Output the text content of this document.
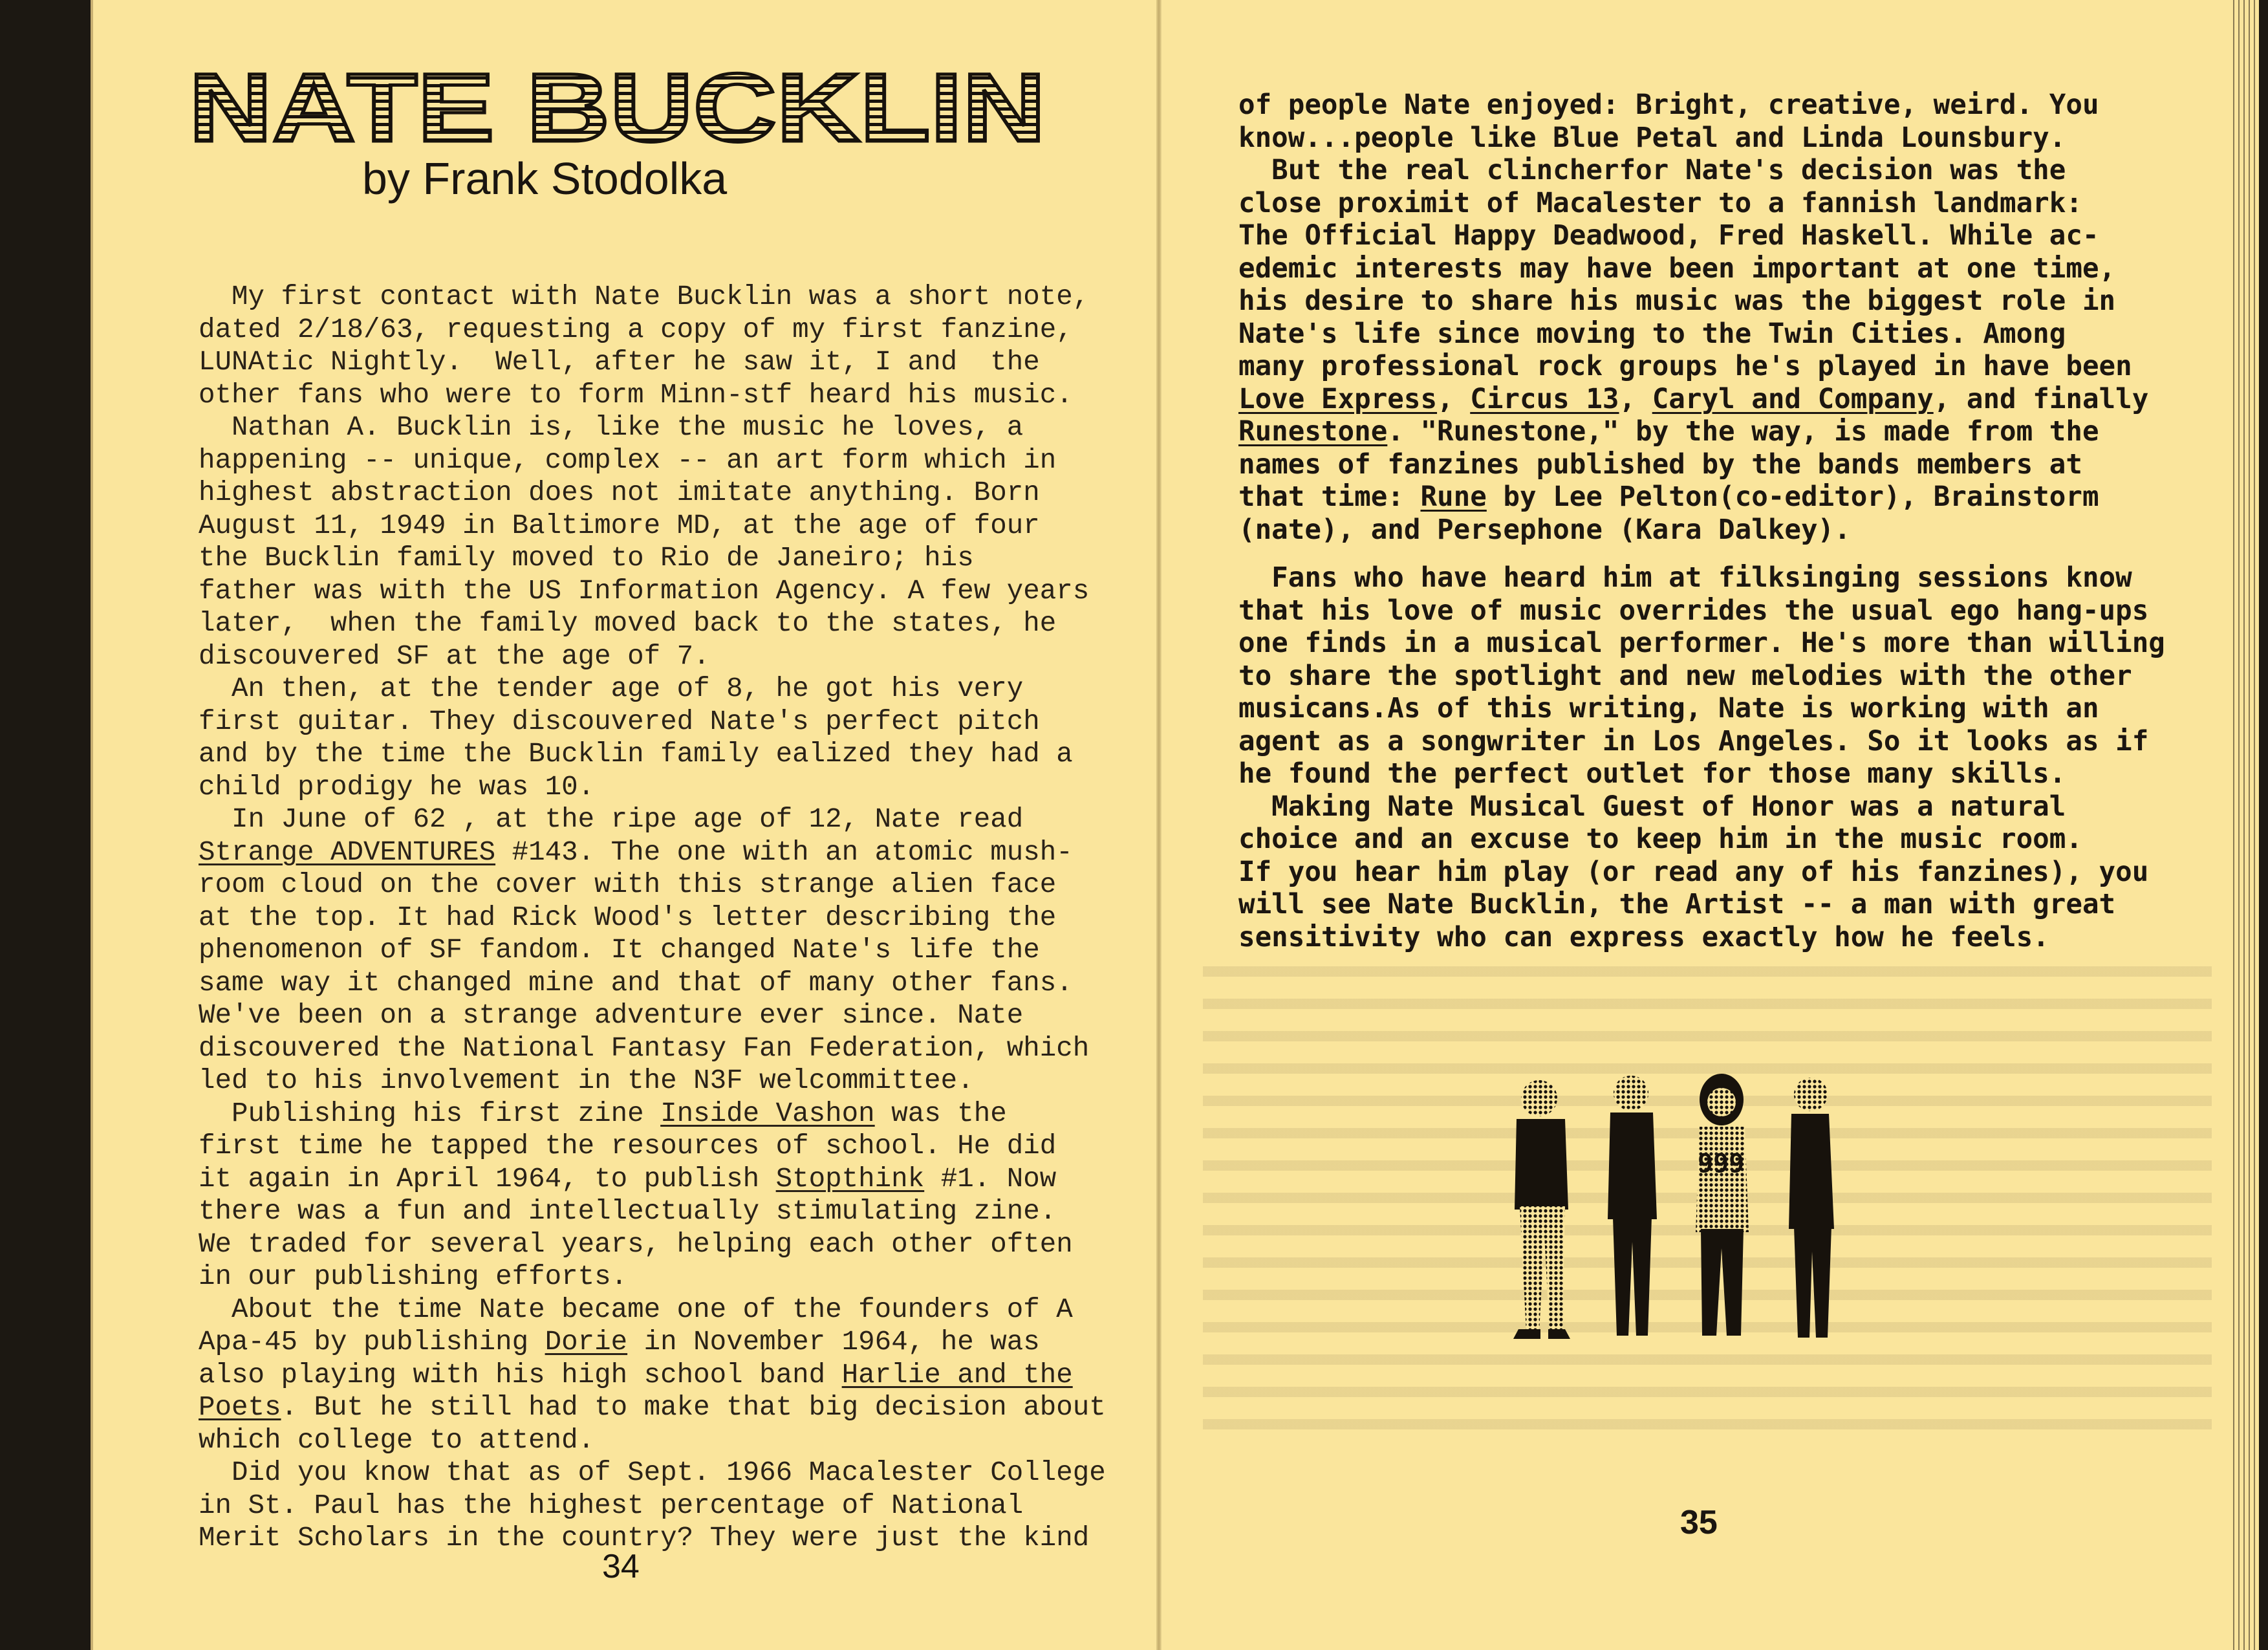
NATE BUCKLIN

by Frank Stodolka

My first contact with Nate Bucklin was a short note,
dated 2/18/63, requesting a copy of my first fanzine,
LUNAtic Nightly.  Well, after he saw it, I and  the
other fans who were to form Minn-stf heard his music.
Nathan A. Bucklin is, like the music he loves, a
happening -- unique, complex -- an art form which in
highest abstraction does not imitate anything. Born
August 11, 1949 in Baltimore MD, at the age of four
the Bucklin family moved to Rio de Janeiro; his
father was with the US Information Agency. A few years
later,  when the family moved back to the states, he
discouvered SF at the age of 7.
An then, at the tender age of 8, he got his very
first guitar. They discouvered Nate's perfect pitch
and by the time the Bucklin family ealized they had a
child prodigy he was 10.
In June of 62 , at the ripe age of 12, Nate read
Strange ADVENTURES #143. The one with an atomic mush-
room cloud on the cover with this strange alien face
at the top. It had Rick Wood's letter describing the
phenomenon of SF fandom. It changed Nate's life the
same way it changed mine and that of many other fans.
We've been on a strange adventure ever since. Nate
discouvered the National Fantasy Fan Federation, which
led to his involvement in the N3F welcommittee.
Publishing his first zine Inside Vashon was the
first time he tapped the resources of school. He did
it again in April 1964, to publish Stopthink #1. Now
there was a fun and intellectually stimulating zine.
We traded for several years, helping each other often
in our publishing efforts.
About the time Nate became one of the founders of A
Apa-45 by publishing Dorie in November 1964, he was
also playing with his high school band Harlie and the
Poets. But he still had to make that big decision about
which college to attend.
Did you know that as of Sept. 1966 Macalester College
in St. Paul has the highest percentage of National
Merit Scholars in the country? They were just the kind
34
of people Nate enjoyed: Bright, creative, weird. You
know...people like Blue Petal and Linda Lounsbury.
But the real clincherfor Nate's decision was the
close proximit of Macalester to a fannish landmark:
The Official Happy Deadwood, Fred Haskell. While ac-
edemic interests may have been important at one time,
his desire to share his music was the biggest role in
Nate's life since moving to the Twin Cities. Among
many professional rock groups he's played in have been
Love Express, Circus 13, Caryl and Company, and finally
Runestone. "Runestone," by the way, is made from the
names of fanzines published by the bands members at
that time: Rune by Lee Pelton(co-editor), Brainstorm
(nate), and Persephone (Kara Dalkey).
Fans who have heard him at filksinging sessions know
that his love of music overrides the usual ego hang-ups
one finds in a musical performer. He's more than willing
to share the spotlight and new melodies with the other
musicans.As of this writing, Nate is working with an
agent as a songwriter in Los Angeles. So it looks as if
he found the perfect outlet for those many skills.
Making Nate Musical Guest of Honor was a natural
choice and an excuse to keep him in the music room.
If you hear him play (or read any of his fanzines), you
will see Nate Bucklin, the Artist -- a man with great
sensitivity who can express exactly how he feels.
35
999
